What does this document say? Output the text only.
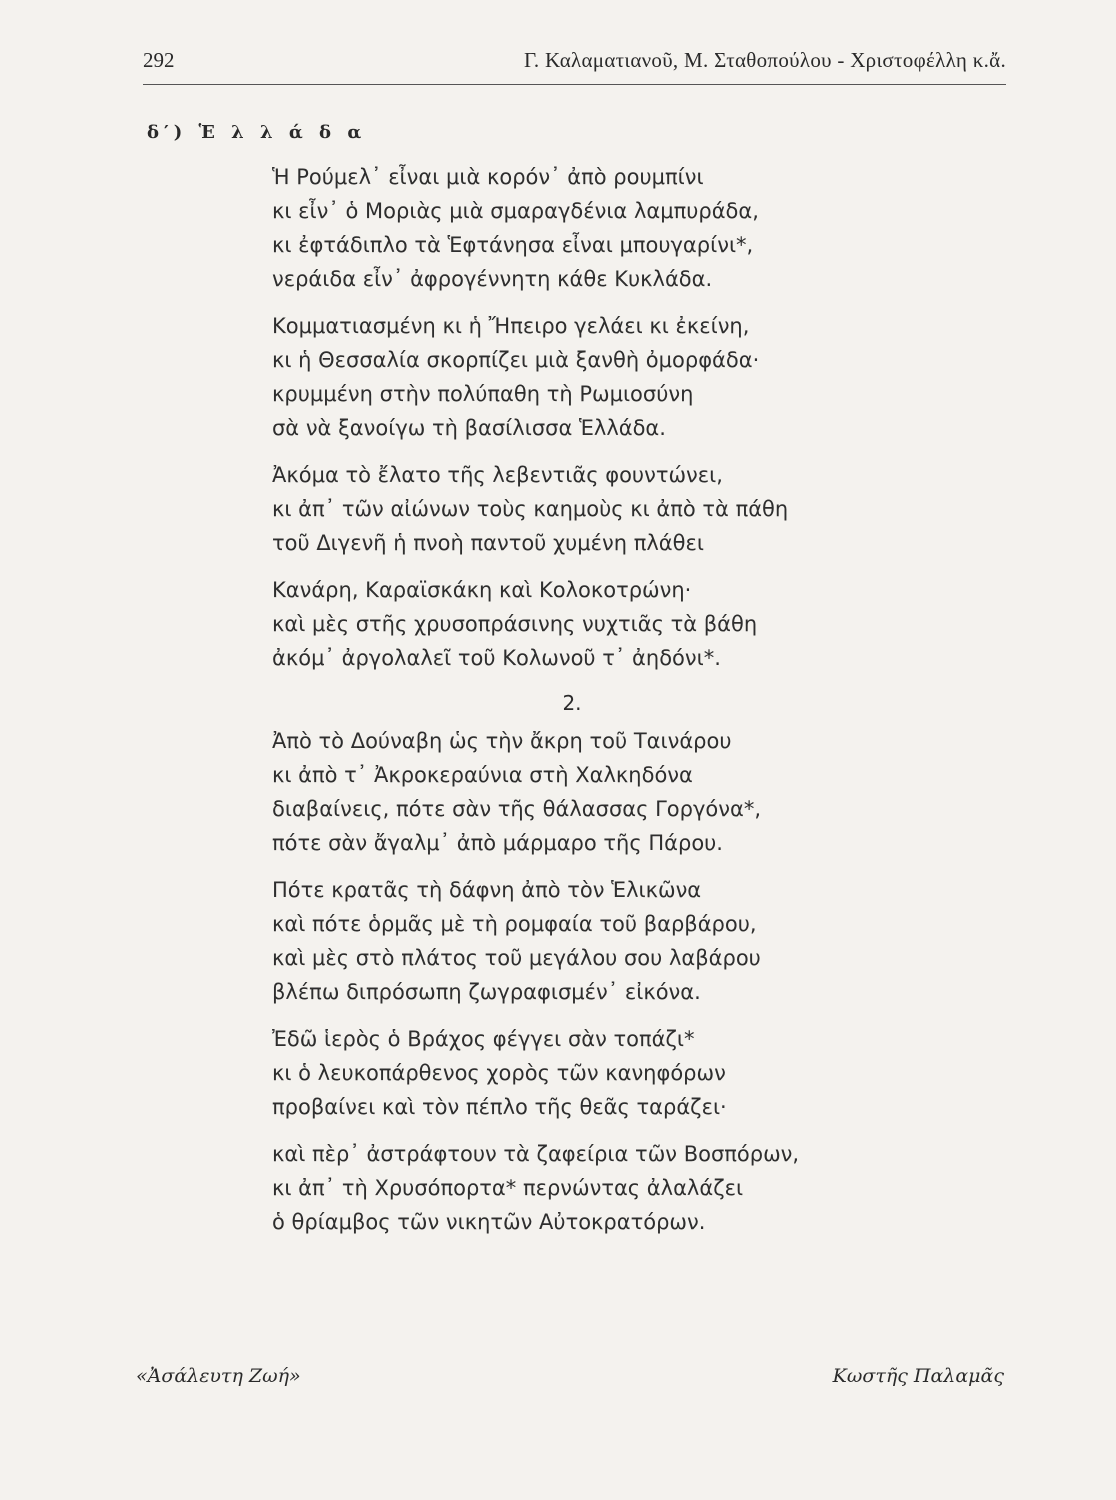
292	Γ. Καλαματιανοῦ, Μ. Σταθοπούλου - Χριστοφέλλη κ.ἄ.
δ′) Ἑ λ λ ά δ α
Ἡ Ρούμελ᾽ εἶναι μιὰ κορόν᾽ ἀπὸ ρουμπίνι
κι εἶν᾽ ὁ Μοριὰς μιὰ σμαραγδένια λαμπυράδα,
κι ἐφτάδιπλο τὰ Ἑφτάνησα εἶναι μπουγαρίνι*,
νεράιδα εἶν᾽ ἀφρογέννητη κάθε Κυκλάδα.
Κομματιασμένη κι ἡ Ἤπειρο γελάει κι ἐκείνη,
κι ἡ Θεσσαλία σκορπίζει μιὰ ξανθὴ ὀμορφάδα·
κρυμμένη στὴν πολύπαθη τὴ Ρωμιοσύνη
σὰ νὰ ξανοίγω τὴ βασίλισσα Ἑλλάδα.
Ἀκόμα τὸ ἔλατο τῆς λεβεντιᾶς φουντώνει,
κι ἀπ᾽ τῶν αἰώνων τοὺς καημοὺς κι ἀπὸ τὰ πάθη
τοῦ Διγενῆ ἡ πνοὴ παντοῦ χυμένη πλάθει
Κανάρη, Καραϊσκάκη καὶ Κολοκοτρώνη·
καὶ μὲς στῆς χρυσοπράσινης νυχτιᾶς τὰ βάθη
ἀκόμ᾽ ἀργολαλεῖ τοῦ Κολωνοῦ τ᾽ ἀηδόνι*.
2.
Ἀπὸ τὸ Δούναβη ὡς τὴν ἄκρη τοῦ Ταινάρου
κι ἀπὸ τ᾽ Ἀκροκεραύνια στὴ Χαλκηδόνα
διαβαίνεις, πότε σὰν τῆς θάλασσας Γοργόνα*,
πότε σὰν ἄγαλμ᾽ ἀπὸ μάρμαρο τῆς Πάρου.
Πότε κρατᾶς τὴ δάφνη ἀπὸ τὸν Ἑλικῶνα
καὶ πότε ὁρμᾶς μὲ τὴ ρομφαία τοῦ βαρβάρου,
καὶ μὲς στὸ πλάτος τοῦ μεγάλου σου λαβάρου
βλέπω διπρόσωπη ζωγραφισμέν᾽ εἰκόνα.
Ἐδῶ ἱερὸς ὁ Βράχος φέγγει σὰν τοπάζι*
κι ὁ λευκοπάρθενος χορὸς τῶν κανηφόρων
προβαίνει καὶ τὸν πέπλο τῆς θεᾶς ταράζει·
καὶ πὲρ᾽ ἀστράφτουν τὰ ζαφείρια τῶν Βοσπόρων,
κι ἀπ᾽ τὴ Χρυσόπορτα* περνώντας ἀλαλάζει
ὁ θρίαμβος τῶν νικητῶν Αὐτοκρατόρων.
«Ἀσάλευτη Ζωή»	Κωστῆς Παλαμᾶς
